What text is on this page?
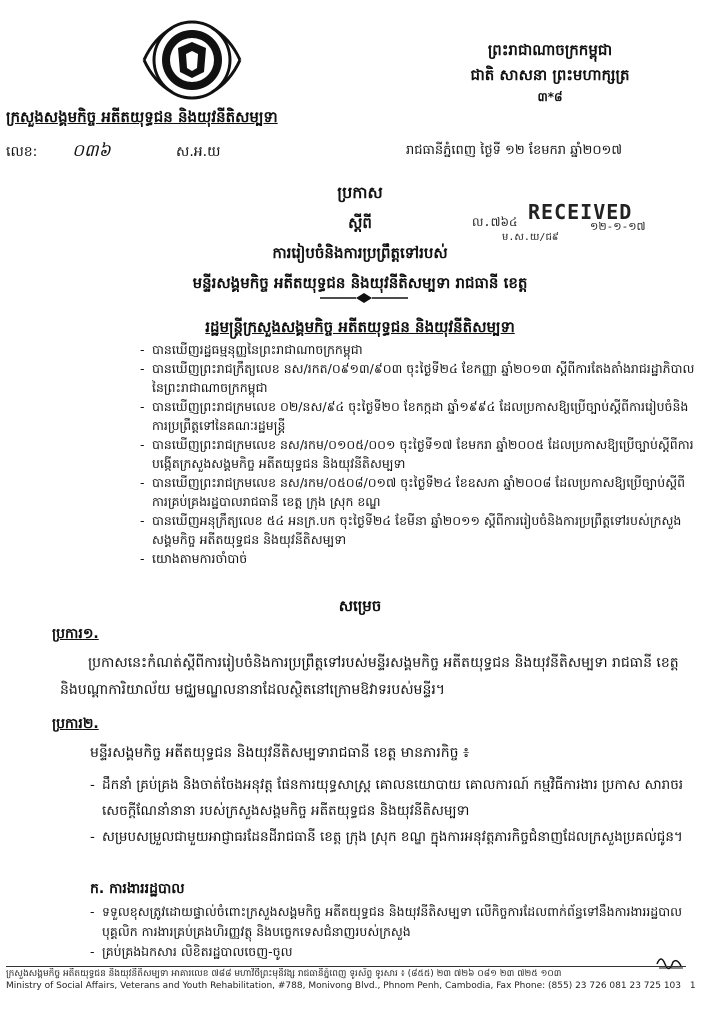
ព្រះរាជាណាចក្រកម្ពុជា
ជាតិ សាសនា ព្រះមហាក្សត្រ
៣*៨
ក្រសួងសង្គមកិច្ច អតីតយុទ្ធជន និងយុវនីតិសម្បទា
លេខ: ០៣៦	ស.អ.យ	រាជធានីភ្នំពេញ ថ្ងៃទី ១២ ខែមករា ឆ្នាំ២០១៧
ប្រកាស
ស្ដីពី
ការរៀបចំនិងការប្រព្រឹត្តទៅរបស់
មន្ទីរសង្គមកិច្ច អតីតយុទ្ធជន និងយុវនីតិសម្បទា រាជធានី ខេត្ត
ល.៧៦៤ RECEIVED
១២-១-១៧
ម.ស.យ/ជ៩
រដ្ឋមន្ត្រីក្រសួងសង្គមកិច្ច អតីតយុទ្ធជន និងយុវនីតិសម្បទា
- បានឃើញរដ្ឋធម្មនុញ្ញនៃព្រះរាជាណាចក្រកម្ពុជា
- បានឃើញព្រះរាជក្រឹត្យលេខ នស/រកត/០៩១៣/៩០៣ ចុះថ្ងៃទី២៤ ខែកញ្ញា ឆ្នាំ២០១៣ ស្ដីពីការតែងតាំងរាជរដ្ឋាភិបាលនៃព្រះរាជាណាចក្រកម្ពុជា
- បានឃើញព្រះរាជក្រមលេខ ០២/នស/៩៤ ចុះថ្ងៃទី២០ ខែកក្កដា ឆ្នាំ១៩៩៤ ដែលប្រកាសឱ្យប្រើច្បាប់ស្ដីពីការរៀបចំនិងការប្រព្រឹត្តទៅនៃគណៈរដ្ឋមន្ត្រី
- បានឃើញព្រះរាជក្រមលេខ នស/រកម/០១០៥/០០១ ចុះថ្ងៃទី១៧ ខែមករា ឆ្នាំ២០០៥ ដែលប្រកាសឱ្យប្រើច្បាប់ស្ដីពីការបង្កើតក្រសួងសង្គមកិច្ច អតីតយុទ្ធជន និងយុវនីតិសម្បទា
- បានឃើញព្រះរាជក្រមលេខ នស/រកម/០៥០៨/០១៧ ចុះថ្ងៃទី២៤ ខែឧសភា ឆ្នាំ២០០៨ ដែលប្រកាសឱ្យប្រើច្បាប់ស្ដីពីការគ្រប់គ្រងរដ្ឋបាលរាជធានី ខេត្ត ក្រុង ស្រុក ខណ្ឌ
- បានឃើញអនុក្រឹត្យលេខ ៥៤ អនក្រ.បក ចុះថ្ងៃទី២៤ ខែមីនា ឆ្នាំ២០១១ ស្ដីពីការរៀបចំនិងការប្រព្រឹត្តទៅរបស់ក្រសួងសង្គមកិច្ច អតីតយុទ្ធជន និងយុវនីតិសម្បទា
- យោងតាមការចាំបាច់
សម្រេច
ប្រការ១.
ប្រកាសនេះកំណត់ស្ដីពីការរៀបចំនិងការប្រព្រឹត្តទៅរបស់មន្ទីរសង្គមកិច្ច អតីតយុទ្ធជន និងយុវនីតិសម្បទា រាជធានី ខេត្ត និងបណ្ដាការិយាល័យ មជ្ឈមណ្ឌលនានាដែលស្ថិតនៅក្រោមឱវាទរបស់មន្ទីរ។
ប្រការ២.
មន្ទីរសង្គមកិច្ច អតីតយុទ្ធជន និងយុវនីតិសម្បទារាជធានី ខេត្ត មានភារកិច្ច ៖
- ដឹកនាំ គ្រប់គ្រង និងចាត់ចែងអនុវត្ត ផែនការយុទ្ធសាស្ត្រ គោលនយោបាយ គោលការណ៍ កម្មវិធីការងារ ប្រកាស សារាចរ សេចក្ដីណែនាំនានា របស់ក្រសួងសង្គមកិច្ច អតីតយុទ្ធជន និងយុវនីតិសម្បទា
- សម្របសម្រួលជាមួយអាជ្ញាធរដែនដីរាជធានី ខេត្ត ក្រុង ស្រុក ខណ្ឌ ក្នុងការអនុវត្តភារកិច្ចជំនាញដែលក្រសួងប្រគល់ជូន។
ក. ការងាររដ្ឋបាល
- ទទួលខុសត្រូវដោយផ្ទាល់ចំពោះក្រសួងសង្គមកិច្ច អតីតយុទ្ធជន និងយុវនីតិសម្បទា លើកិច្ចការដែលពាក់ព័ន្ធទៅនឹងការងាររដ្ឋបាល បុគ្គលិក ការងារគ្រប់គ្រងហិរញ្ញវត្ថុ និងបច្ចេកទេសជំនាញរបស់ក្រសួង
- គ្រប់គ្រងឯកសារ លិខិតរដ្ឋបាលចេញ-ចូល
ក្រសួងសង្គមកិច្ច អតីតយុទ្ធជន និងយុវនីតិសម្បទា អាគារលេខ ៧៨៨ មហាវិថីព្រះមុនីវង្ស រាជធានីភ្នំពេញ ទូរស័ព្ទ ទូរសារ ៖ (៨៥៥) ២៣ ៧២៦ ០៨១ ២៣ ៧២៥ ១០៣
Ministry of Social Affairs, Veterans and Youth Rehabilitation, #788, Monivong Blvd., Phnom Penh, Cambodia, Fax Phone: (855) 23 726 081 23 725 103 1
